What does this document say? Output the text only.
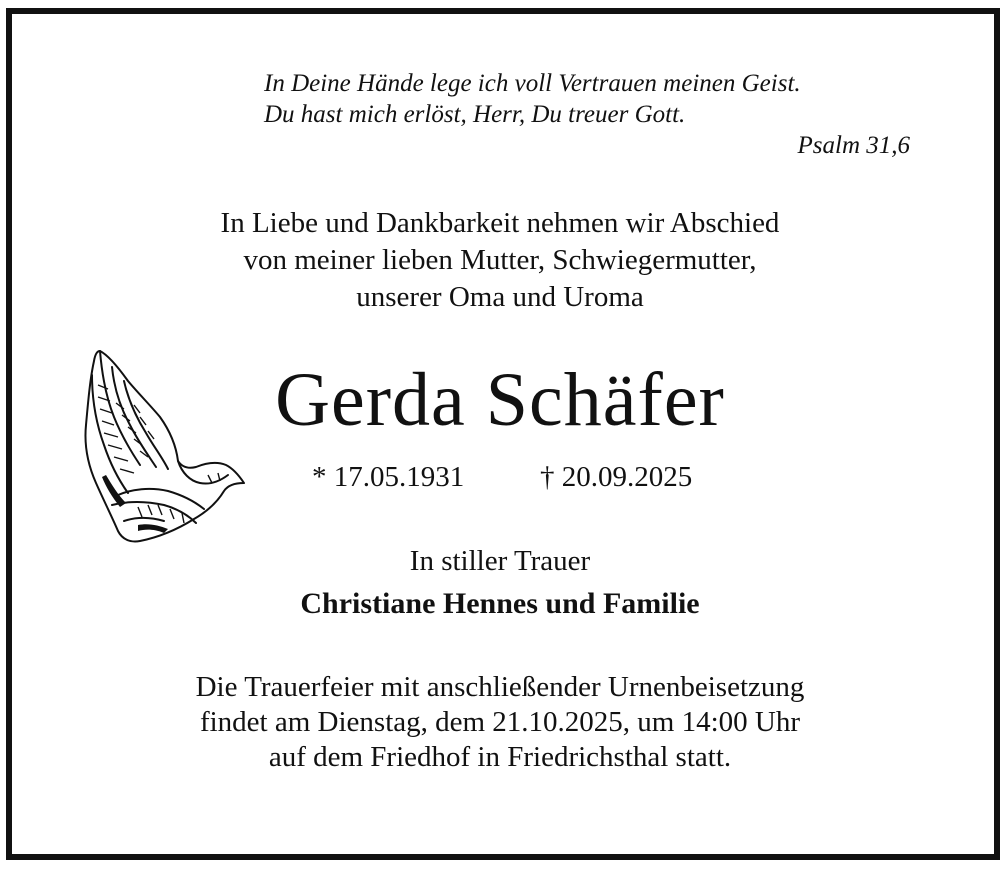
In Deine Hände lege ich voll Vertrauen meinen Geist.
Du hast mich erlöst, Herr, Du treuer Gott.
Psalm 31,6
In Liebe und Dankbarkeit nehmen wir Abschied
von meiner lieben Mutter, Schwiegermutter,
unserer Oma und Uroma
Gerda Schäfer
* 17.05.1931	† 20.09.2025
In stiller Trauer
Christiane Hennes und Familie
Die Trauerfeier mit anschließender Urnenbeisetzung
findet am Dienstag, dem 21.10.2025, um 14:00 Uhr
auf dem Friedhof in Friedrichsthal statt.
